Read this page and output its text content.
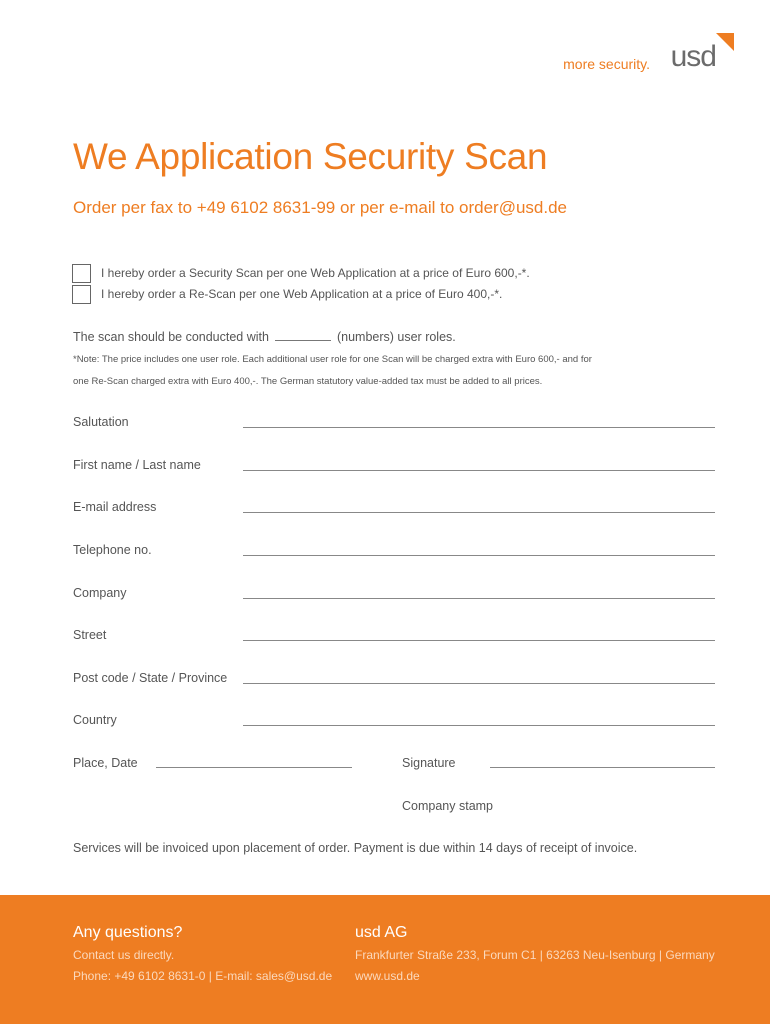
more security. usd
We Application Security Scan
Order per fax to +49 6102 8631-99 or per e-mail to order@usd.de
I hereby order a Security Scan per one Web Application at a price of Euro 600,-*.
I hereby order a Re-Scan per one Web Application at a price of Euro 400,-*.
The scan should be conducted with	(numbers) user roles.
*Note: The price includes one user role. Each additional user role for one Scan will be charged extra with Euro 600,- and for
one Re-Scan charged extra with Euro 400,-. The German statutory value-added tax must be added to all prices.
Salutation
First name / Last name
E-mail address
Telephone no.
Company
Street
Post code / State / Province
Country
Place, Date	Signature
Company stamp
Services will be invoiced upon placement of order. Payment is due within 14 days of receipt of invoice.
Any questions?
Contact us directly.
Phone: +49 6102 8631-0 | E-mail: sales@usd.de
usd AG
Frankfurter Straße 233, Forum C1 | 63263 Neu-Isenburg | Germany
www.usd.de
